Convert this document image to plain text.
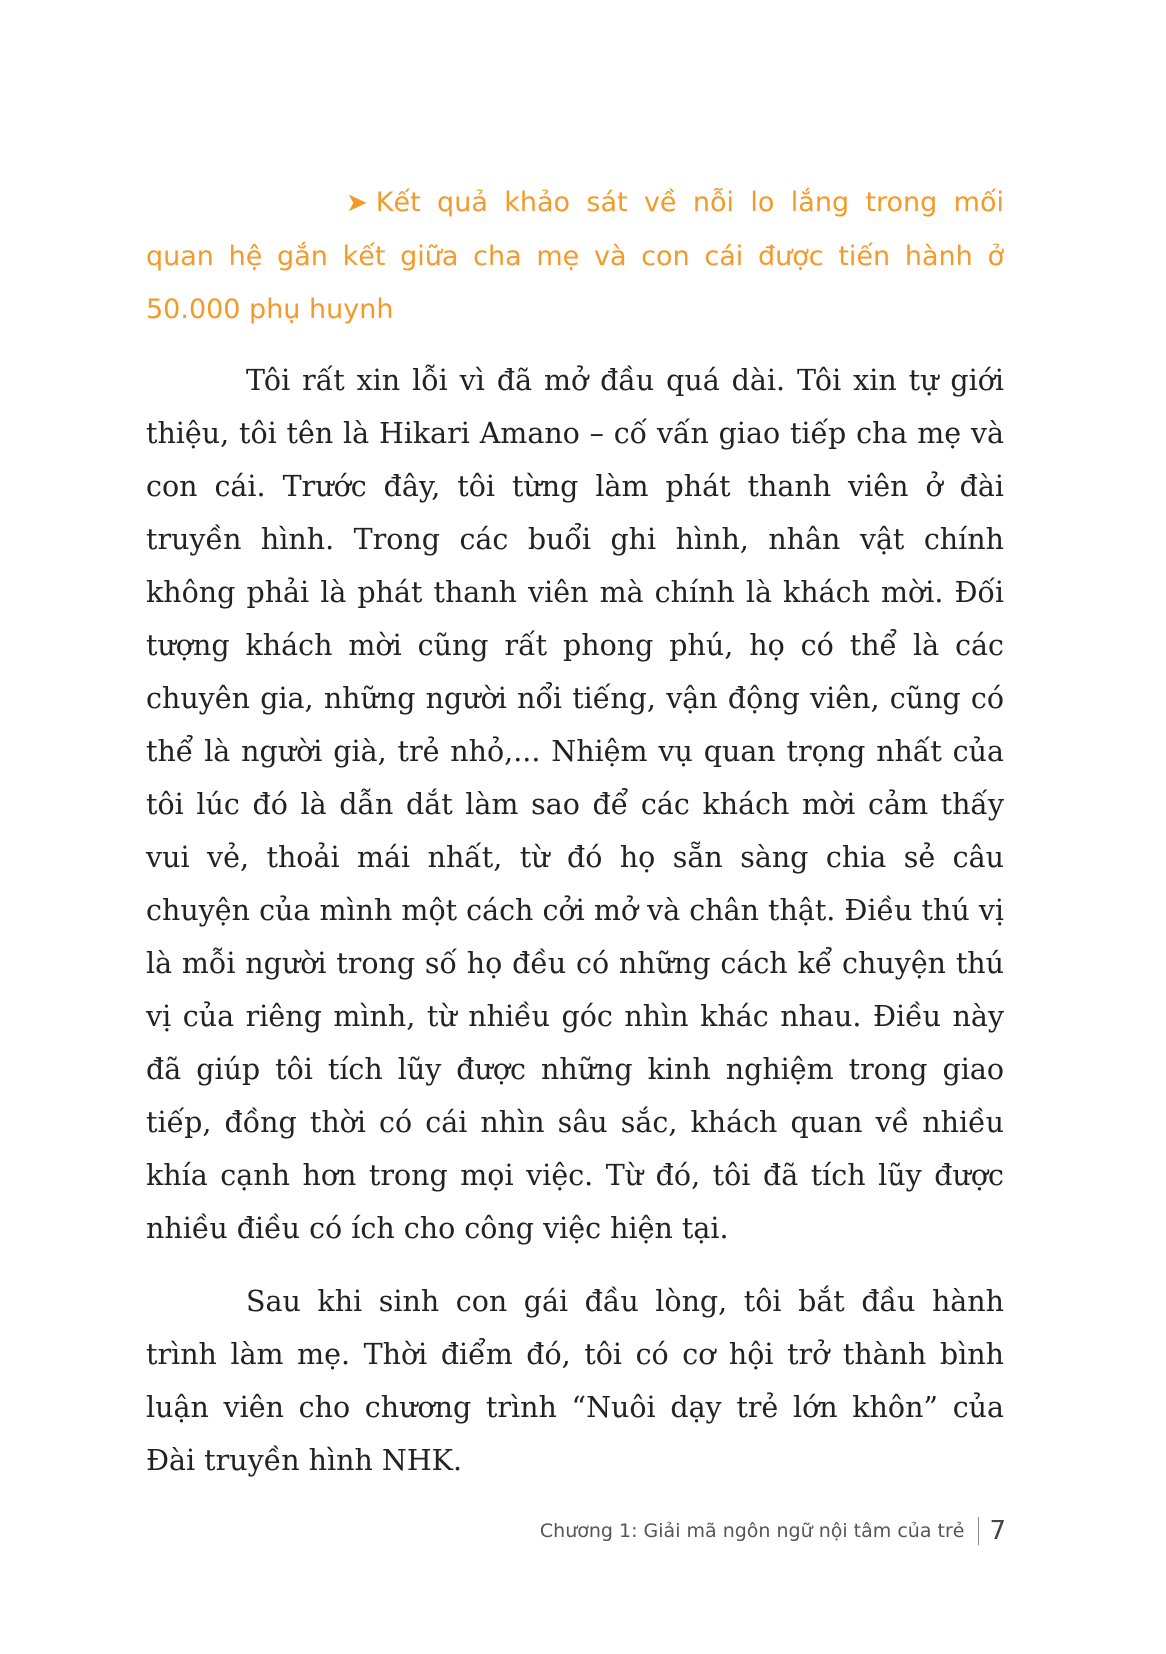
➤ Kết quả khảo sát về nỗi lo lắng trong mối quan hệ gắn kết giữa cha mẹ và con cái được tiến hành ở 50.000 phụ huynh

Tôi rất xin lỗi vì đã mở đầu quá dài. Tôi xin tự giới thiệu, tôi tên là Hikari Amano – cố vấn giao tiếp cha mẹ và con cái. Trước đây, tôi từng làm phát thanh viên ở đài truyền hình. Trong các buổi ghi hình, nhân vật chính không phải là phát thanh viên mà chính là khách mời. Đối tượng khách mời cũng rất phong phú, họ có thể là các chuyên gia, những người nổi tiếng, vận động viên, cũng có thể là người già, trẻ nhỏ,... Nhiệm vụ quan trọng nhất của tôi lúc đó là dẫn dắt làm sao để các khách mời cảm thấy vui vẻ, thoải mái nhất, từ đó họ sẵn sàng chia sẻ câu chuyện của mình một cách cởi mở và chân thật. Điều thú vị là mỗi người trong số họ đều có những cách kể chuyện thú vị của riêng mình, từ nhiều góc nhìn khác nhau. Điều này đã giúp tôi tích lũy được những kinh nghiệm trong giao tiếp, đồng thời có cái nhìn sâu sắc, khách quan về nhiều khía cạnh hơn trong mọi việc. Từ đó, tôi đã tích lũy được nhiều điều có ích cho công việc hiện tại.

Sau khi sinh con gái đầu lòng, tôi bắt đầu hành trình làm mẹ. Thời điểm đó, tôi có cơ hội trở thành bình luận viên cho chương trình “Nuôi dạy trẻ lớn khôn” của Đài truyền hình NHK.

Chương 1: Giải mã ngôn ngữ nội tâm của trẻ 7
